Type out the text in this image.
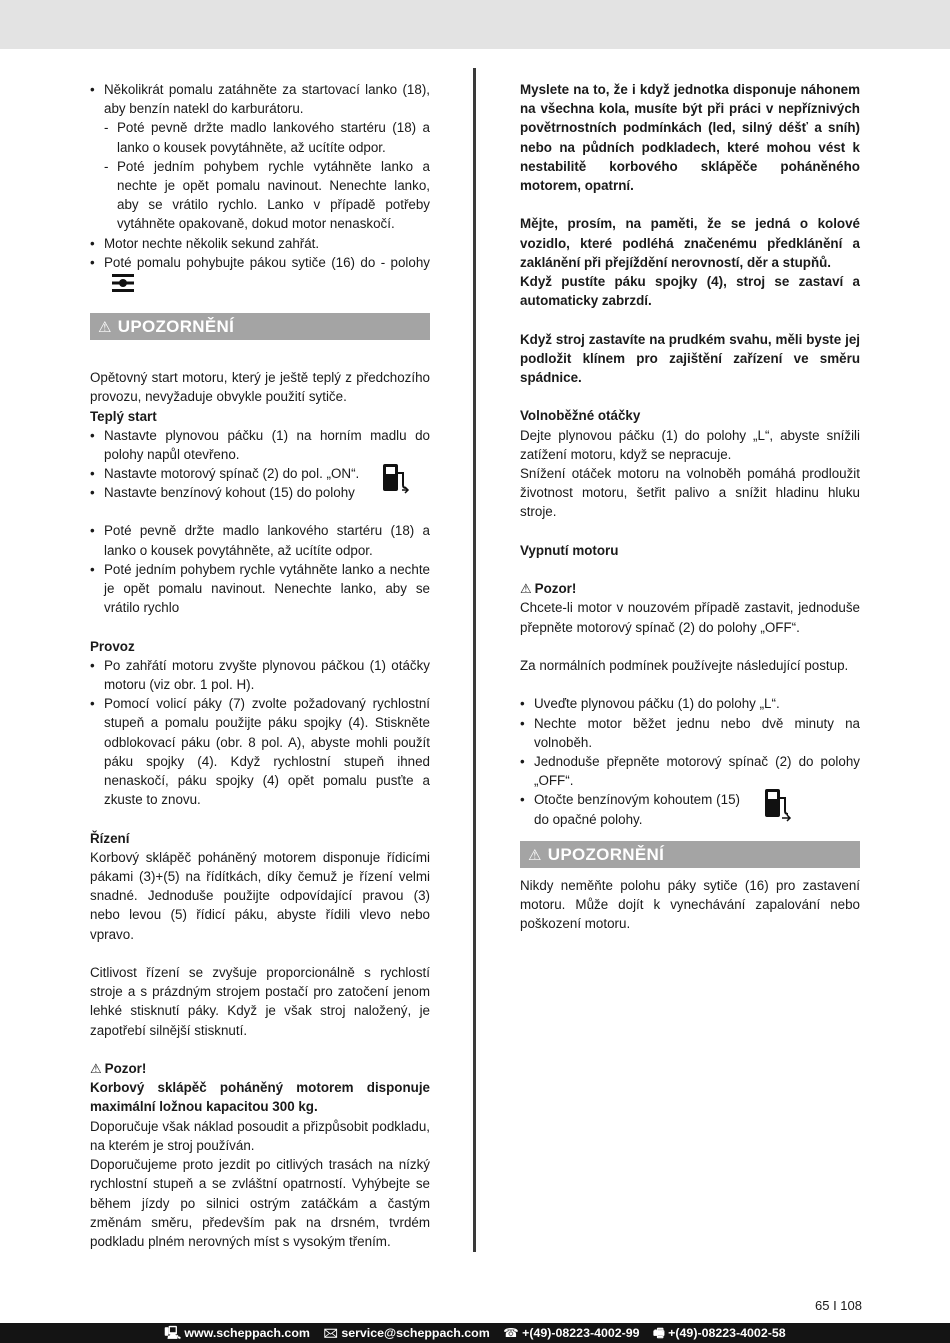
• Několikrát pomalu zatáhněte za startovací lanko (18), aby benzín natekl do karburátoru.
- Poté pevně držte madlo lankového startéru (18) a lanko o kousek povytáhněte, až ucítíte odpor.
- Poté jedním pohybem rychle vytáhněte lanko a nechte je opět pomalu navinout. Nenechte lanko, aby se vrátilo rychlo. Lanko v případě potřeby vytáhněte opakovaně, dokud motor nenaskočí.
• Motor nechte několik sekund zahřát.
• Poté pomalu pohybujte pákou sytiče (16) do - polohy
⚠ UPOZORNĚNÍ

Opětovný start motoru, který je ještě teplý z předchozího provozu, nevyžaduje obvykle použití sytiče.

Teplý start

• Nastavte plynovou páčku (1) na horním madlu do polohy napůl otevřeno.
• Nastavte motorový spínač (2) do pol. „ON“.
• Nastavte benzínový kohout (15) do polohy
• Poté pevně držte madlo lankového startéru (18) a lanko o kousek povytáhněte, až ucítíte odpor.
• Poté jedním pohybem rychle vytáhněte lanko a nechte je opět pomalu navinout. Nenechte lanko, aby se vrátilo rychlo

Provoz

• Po zahřátí motoru zvyšte plynovou páčkou (1) otáčky motoru (viz obr. 1 pol. H).
• Pomocí volicí páky (7) zvolte požadovaný rychlostní stupeň a pomalu použijte páku spojky (4). Stiskněte odblokovací páku (obr. 8 pol. A), abyste mohli použít páku spojky (4). Když rychlostní stupeň ihned nenaskočí, páku spojky (4) opět pomalu pusťte a zkuste to znovu.

Řízení

Korbový sklápěč poháněný motorem disponuje řídicími pákami (3)+(5) na řídítkách, díky čemuž je řízení velmi snadné. Jednoduše použijte odpovídající pravou (3) nebo levou (5) řídicí páku, abyste řídili vlevo nebo vpravo.

Citlivost řízení se zvyšuje proporcionálně s rychlostí stroje a s prázdným strojem postačí pro zatočení jenom lehké stisknutí páky. Když je však stroj naložený, je zapotřebí silnější stisknutí.

⚠ Pozor!

Korbový sklápěč poháněný motorem disponuje maximální ložnou kapacitou 300 kg.

Doporučuje však náklad posoudit a přizpůsobit podkladu, na kterém je stroj používán.

Doporučujeme proto jezdit po citlivých trasách na nízký rychlostní stupeň a se zvláštní opatrností. Vyhýbejte se během jízdy po silnici ostrým zatáčkám a častým změnám směru, především pak na drsném, tvrdém podkladu plném nerovných míst s vysokým třením.

Myslete na to, že i když jednotka disponuje náhonem na všechna kola, musíte být při práci v nepříznivých povětrnostních podmínkách (led, silný déšť a sníh) nebo na půdních podkladech, které mohou vést k nestabilitě korbového sklápěče poháněného motorem, opatrní.

Mějte, prosím, na paměti, že se jedná o kolové vozidlo, které podléhá značenému předklánění a zaklánění při přejíždění nerovností, děr a stupňů.

Když pustíte páku spojky (4), stroj se zastaví a automaticky zabrzdí.

Když stroj zastavíte na prudkém svahu, měli byste jej podložit klínem pro zajištění zařízení ve směru spádnice.

Volnoběžné otáčky

Dejte plynovou páčku (1) do polohy „L“, abyste snížili zatížení motoru, když se nepracuje.

Snížení otáček motoru na volnoběh pomáhá prodloužit životnost motoru, šetřit palivo a snížit hladinu hluku stroje.

Vypnutí motoru

⚠ Pozor!

Chcete-li motor v nouzovém případě zastavit, jednoduše přepněte motorový spínač (2) do polohy „OFF“.

Za normálních podmínek používejte následující postup.

• Uveďte plynovou páčku (1) do polohy „L“.
• Nechte motor běžet jednu nebo dvě minuty na volnoběh.
• Jednoduše přepněte motorový spínač (2) do polohy „OFF“.
• Otočte benzínovým kohoutem (15) do opačné polohy.
⚠ UPOZORNĚNÍ

Nikdy neměňte polohu páky sytiče (16) pro zastavení motoru. Může dojít k vynechávání zapalování nebo poškození motoru.

65 I 108
🖳 www.scheppach.com 🖂 service@scheppach.com ☎ +(49)-08223-4002-99 🖷 +(49)-08223-4002-58
